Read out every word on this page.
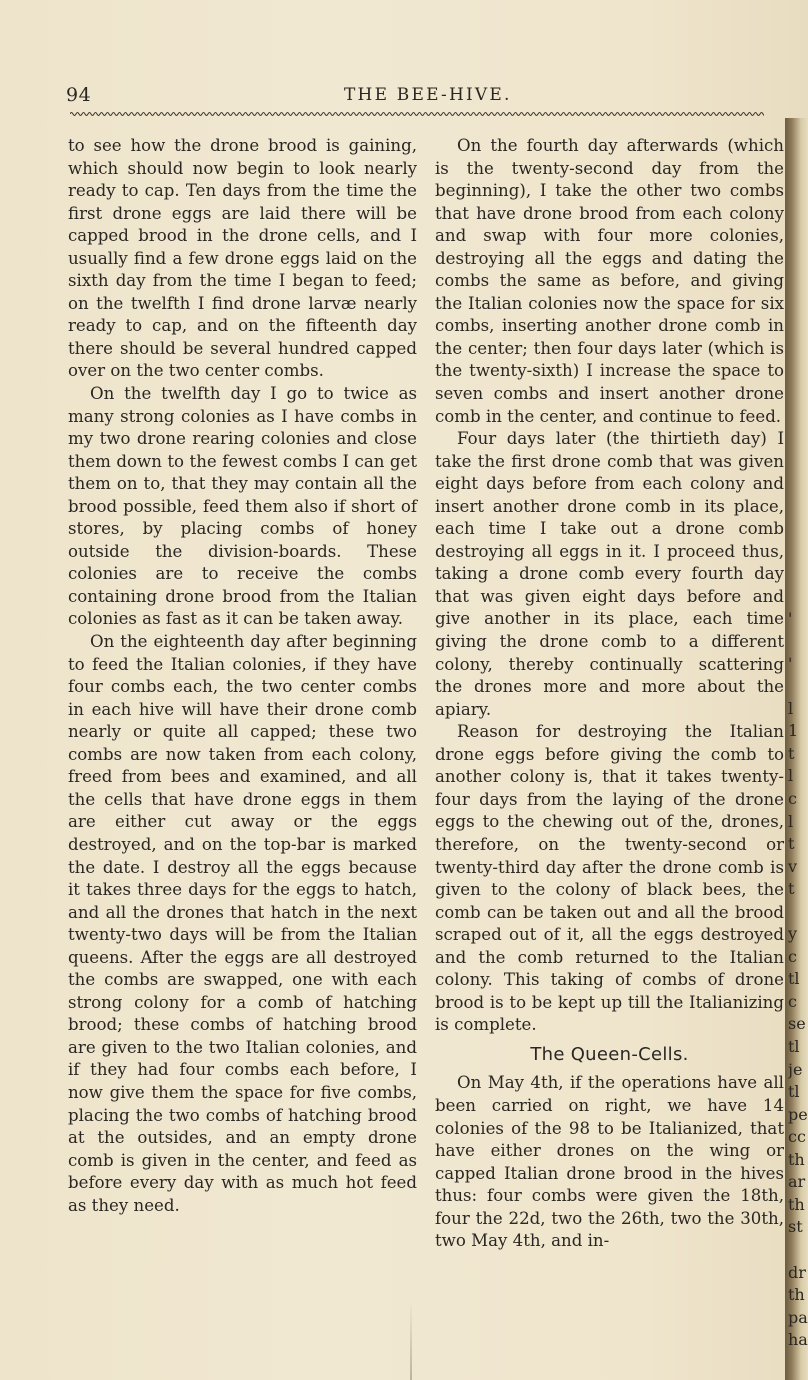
94	THE BEE-HIVE.

to see how the drone brood is gaining, which should now begin to look nearly ready to cap. Ten days from the time the first drone eggs are laid there will be capped brood in the drone cells, and I usually find a few drone eggs laid on the sixth day from the time I began to feed; on the twelfth I find drone larvæ nearly ready to cap, and on the fifteenth day there should be several hundred capped over on the two center combs.

On the twelfth day I go to twice as many strong colonies as I have combs in my two drone rearing colonies and close them down to the fewest combs I can get them on to, that they may contain all the brood possible, feed them also if short of stores, by placing combs of honey outside the division-boards. These colonies are to receive the combs containing drone brood from the Italian colonies as fast as it can be taken away.

On the eighteenth day after beginning to feed the Italian colonies, if they have four combs each, the two center combs in each hive will have their drone comb nearly or quite all capped; these two combs are now taken from each colony, freed from bees and examined, and all the cells that have drone eggs in them are either cut away or the eggs destroyed, and on the top-bar is marked the date. I destroy all the eggs because it takes three days for the eggs to hatch, and all the drones that hatch in the next twenty-two days will be from the Italian queens. After the eggs are all destroyed the combs are swapped, one with each strong colony for a comb of hatching brood; these combs of hatching brood are given to the two Italian colonies, and if they had four combs each before, I now give them the space for five combs, placing the two combs of hatching brood at the outsides, and an empty drone comb is given in the center, and feed as before every day with as much hot feed as they need.

On the fourth day afterwards (which is the twenty-second day from the beginning), I take the other two combs that have drone brood from each colony and swap with four more colonies, destroying all the eggs and dating the combs the same as before, and giving the Italian colonies now the space for six combs, inserting another drone comb in the center; then four days later (which is the twenty-sixth) I increase the space to seven combs and insert another drone comb in the center, and continue to feed.

Four days later (the thirtieth day) I take the first drone comb that was given eight days before from each colony and insert another drone comb in its place, each time I take out a drone comb destroying all eggs in it. I proceed thus, taking a drone comb every fourth day that was given eight days before and give another in its place, each time giving the drone comb to a different colony, thereby continually scattering the drones more and more about the apiary.

Reason for destroying the Italian drone eggs before giving the comb to another colony is, that it takes twenty-four days from the laying of the drone eggs to the chewing out of the, drones, therefore, on the twenty-second or twenty-third day after the drone comb is given to the colony of black bees, the comb can be taken out and all the brood scraped out of it, all the eggs destroyed and the comb returned to the Italian colony. This taking of combs of drone brood is to be kept up till the Italianizing is complete.

The Queen-Cells.

On May 4th, if the operations have all been carried on right, we have 14 colonies of the 98 to be Italianized, that have either drones on the wing or capped Italian drone brood in the hives thus: four combs were given the 18th, four the 22d, two the 26th, two the 30th, two May 4th, and in-

'
'
l
1
t
l
c
l
t
v
t
y
c
tl
c
se
tl
je
tl
pe
cc
th
ar
th
st
dr
th
pa
ha
